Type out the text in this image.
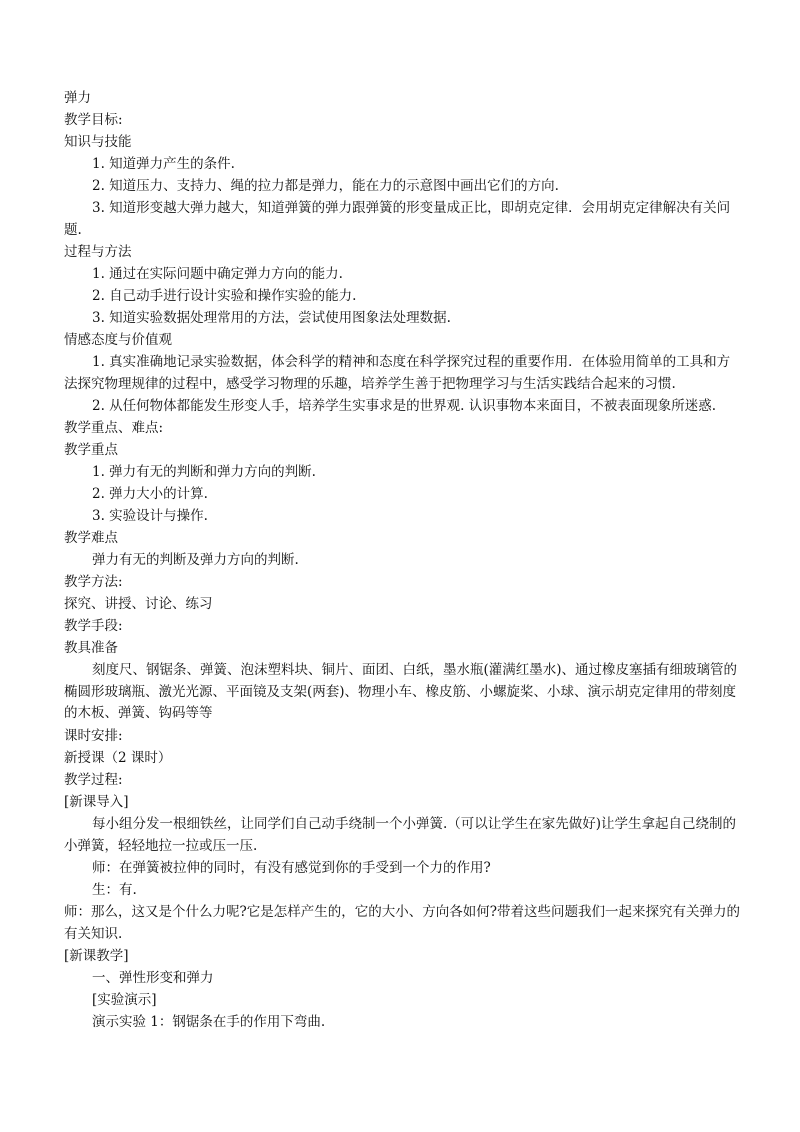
弹力

教学目标:

知识与技能

1. 知道弹力产生的条件.

2. 知道压力、支持力、绳的拉力都是弹力，能在力的示意图中画出它们的方向.

3. 知道形变越大弹力越大，知道弹簧的弹力跟弹簧的形变量成正比，即胡克定律．会用胡克定律解决有关问题.

过程与方法

1. 通过在实际问题中确定弹力方向的能力.

2. 自己动手进行设计实验和操作实验的能力.

3. 知道实验数据处理常用的方法，尝试使用图象法处理数据.

情感态度与价值观

1. 真实准确地记录实验数据，体会科学的精神和态度在科学探究过程的重要作用．在体验用简单的工具和方法探究物理规律的过程中，感受学习物理的乐趣，培养学生善于把物理学习与生活实践结合起来的习惯.

2. 从任何物体都能发生形变人手，培养学生实事求是的世界观. 认识事物本来面目，不被表面现象所迷惑.

教学重点、难点:

教学重点

1. 弹力有无的判断和弹力方向的判断.

2. 弹力大小的计算.

3. 实验设计与操作.

教学难点

弹力有无的判断及弹力方向的判断.

教学方法:

探究、讲授、讨论、练习

教学手段:

教具准备

刻度尺、钢锯条、弹簧、泡沫塑料块、铜片、面团、白纸，墨水瓶(灌满红墨水)、通过橡皮塞插有细玻璃管的椭圆形玻璃瓶、激光光源、平面镜及支架(两套)、物理小车、橡皮筋、小螺旋桨、小球、演示胡克定律用的带刻度的木板、弹簧、钩码等等

课时安排:

新授课（2 课时）

教学过程:

[新课导入]

每小组分发一根细铁丝，让同学们自己动手绕制一个小弹簧.（可以让学生在家先做好)让学生拿起自己绕制的小弹簧，轻轻地拉一拉或压一压.

师：在弹簧被拉伸的同时，有没有感觉到你的手受到一个力的作用?

生：有.

师：那么，这又是个什么力呢?它是怎样产生的，它的大小、方向各如何?带着这些问题我们一起来探究有关弹力的有关知识.

[新课教学]

一、弹性形变和弹力

[实验演示]

演示实验 1：钢锯条在手的作用下弯曲.
